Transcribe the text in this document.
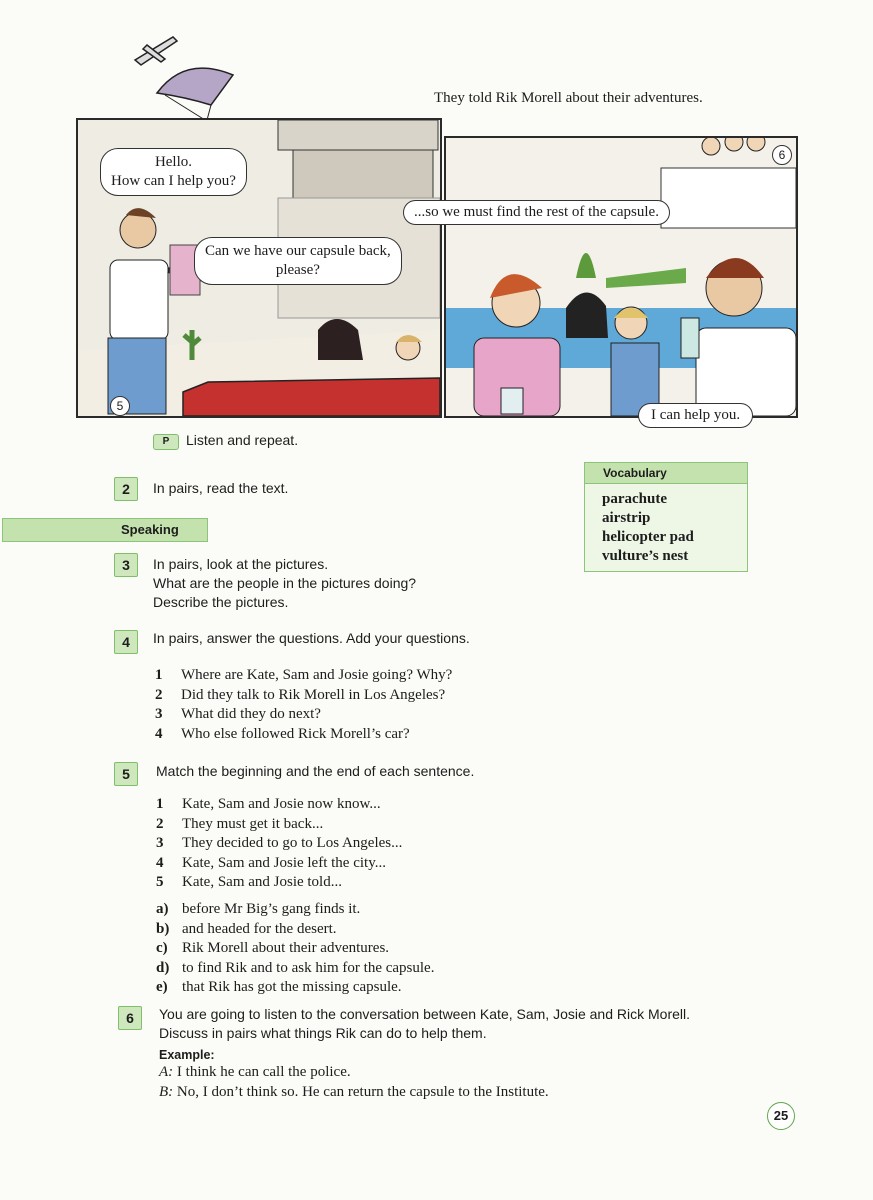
They told Rik Morell about their adventures.
5
Hello.
How can I help you?
Can we have our capsule back,
please?
6
...so we must find the rest of the capsule.
I can help you.
P	Listen and repeat.
2	In pairs, read the text.
Speaking
Vocabulary
parachute
airstrip
helicopter pad
vulture’s nest
3	In pairs, look at the pictures.
What are the people in the pictures doing?
Describe the pictures.
4	In pairs, answer the questions. Add your questions.
1 Where are Kate, Sam and Josie going? Why?
2 Did they talk to Rik Morell in Los Angeles?
3 What did they do next?
4 Who else followed Rick Morell’s car?
5	Match the beginning and the end of each sentence.
1 Kate, Sam and Josie now know...
2 They must get it back...
3 They decided to go to Los Angeles...
4 Kate, Sam and Josie left the city...
5 Kate, Sam and Josie told...
a) before Mr Big’s gang finds it.
b) and headed for the desert.
c) Rik Morell about their adventures.
d) to find Rik and to ask him for the capsule.
e) that Rik has got the missing capsule.
6	You are going to listen to the conversation between Kate, Sam, Josie and Rick Morell.
Discuss in pairs what things Rik can do to help them.
Example:
A: I think he can call the police.
B: No, I don’t think so. He can return the capsule to the Institute.
25
